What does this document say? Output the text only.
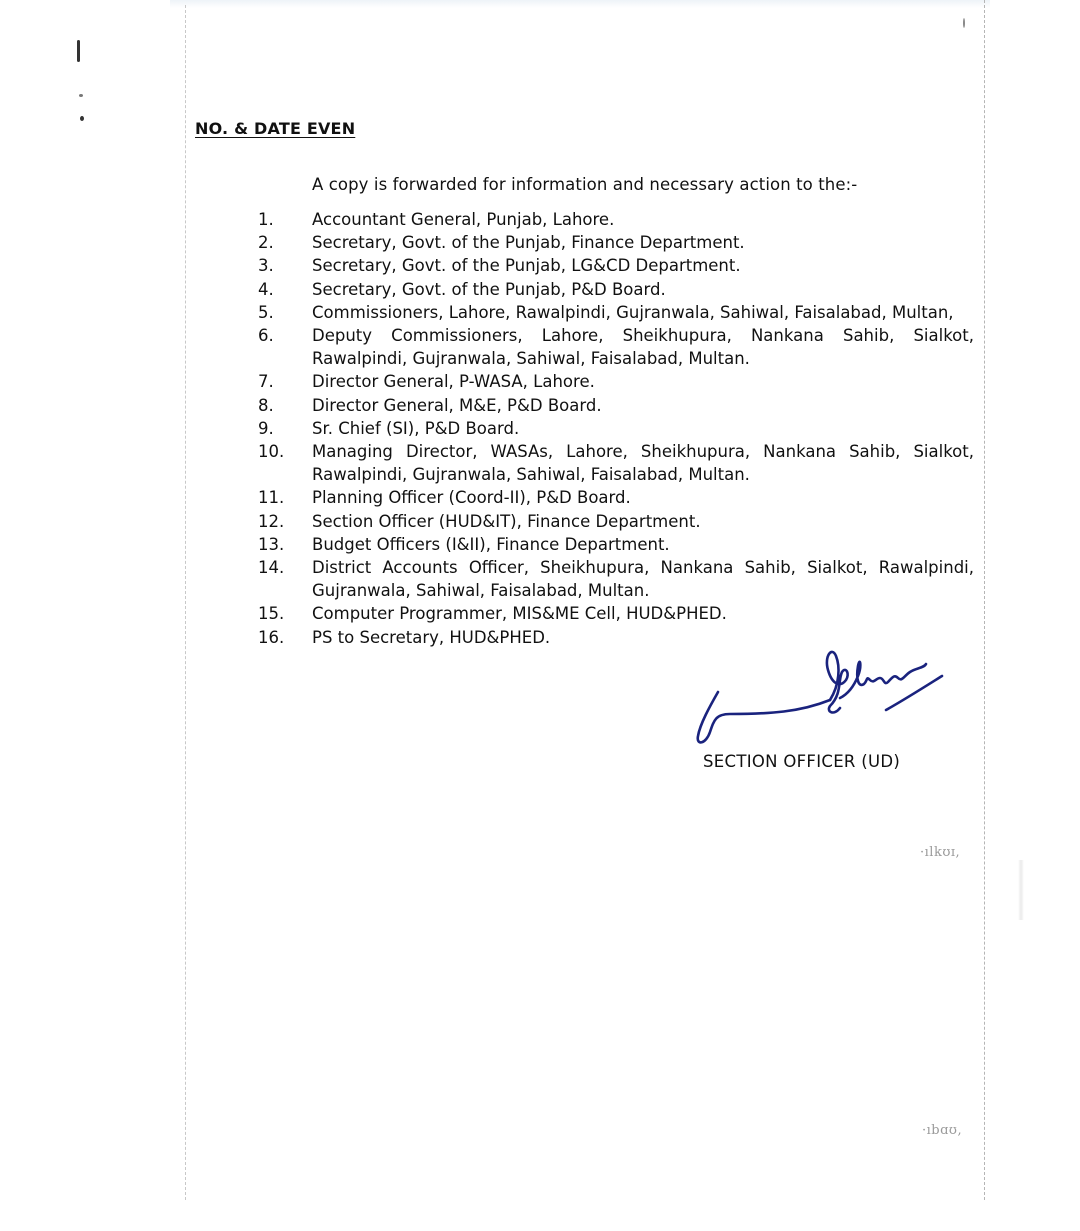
·ılkʊɪ,
·ıbɑʊ,
NO. & DATE EVEN
A copy is forwarded for information and necessary action to the:-
1. Accountant General, Punjab, Lahore.
2. Secretary, Govt. of the Punjab, Finance Department.
3. Secretary, Govt. of the Punjab, LG&CD Department.
4. Secretary, Govt. of the Punjab, P&D Board.
5. Commissioners, Lahore, Rawalpindi, Gujranwala, Sahiwal, Faisalabad, Multan,
6. Deputy Commissioners, Lahore, Sheikhupura, Nankana Sahib, Sialkot, Rawalpindi, Gujranwala, Sahiwal, Faisalabad, Multan.
7. Director General, P-WASA, Lahore.
8. Director General, M&E, P&D Board.
9. Sr. Chief (SI), P&D Board.
10. Managing Director, WASAs, Lahore, Sheikhupura, Nankana Sahib, Sialkot, Rawalpindi, Gujranwala, Sahiwal, Faisalabad, Multan.
11. Planning Officer (Coord-II), P&D Board.
12. Section Officer (HUD&IT), Finance Department.
13. Budget Officers (I&II), Finance Department.
14. District Accounts Officer, Sheikhupura, Nankana Sahib, Sialkot, Rawalpindi, Gujranwala, Sahiwal, Faisalabad, Multan.
15. Computer Programmer, MIS&ME Cell, HUD&PHED.
16. PS to Secretary, HUD&PHED.
SECTION OFFICER (UD)
